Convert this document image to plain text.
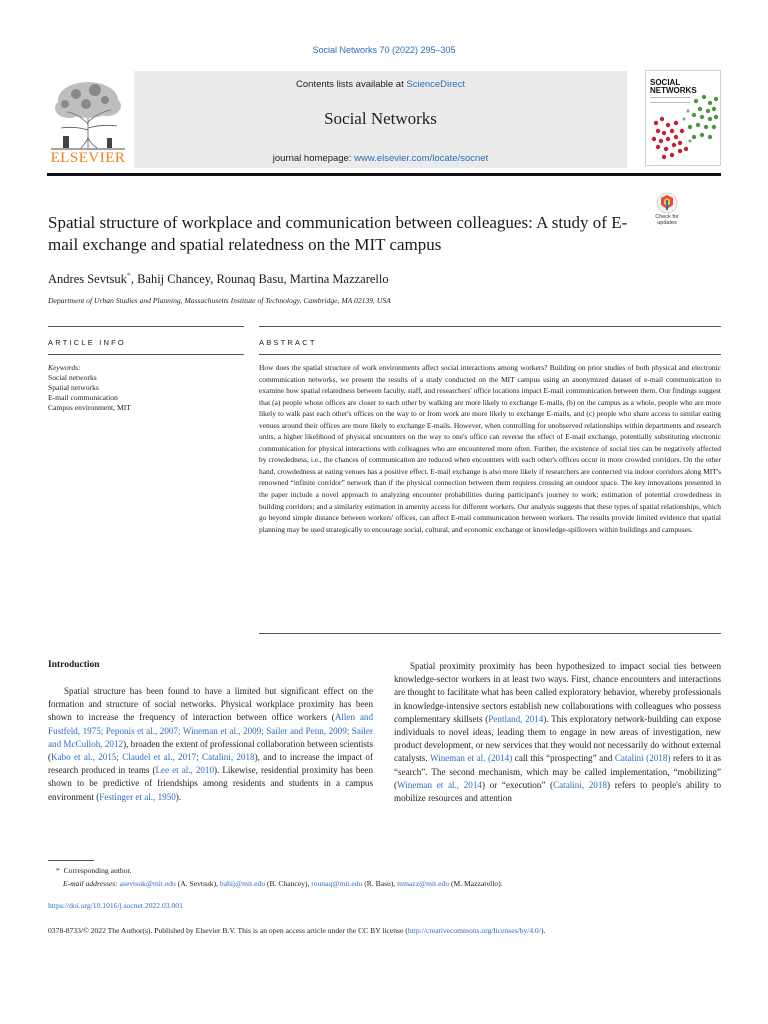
Social Networks 70 (2022) 295–305
ELSEVIER
Contents lists available at ScienceDirect
Social Networks
journal homepage: www.elsevier.com/locate/socnet
SOCIAL
NETWORKS
Spatial structure of workplace and communication between colleagues: A study of E-mail exchange and spatial relatedness on the MIT campus
Check for
updates
Andres Sevtsuk*, Bahij Chancey, Rounaq Basu, Martina Mazzarello
Department of Urban Studies and Planning, Massachusetts Institute of Technology, Cambridge, MA 02139, USA
ARTICLE INFO	ABSTRACT
Keywords:
Social networks
Spatial networks
E-mail communication
Campus environment, MIT
How does the spatial structure of work environments affect social interactions among workers? Building on prior studies of both physical and electronic communication networks, we present the results of a study conducted on the MIT campus using an anonymized dataset of e-mail communication to examine how spatial relatedness between faculty, staff, and researchers' office locations impact E-mail communication between them. Our findings suggest that (a) people whose offices are closer to each other by walking are more likely to exchange E-mails, (b) on the campus as a whole, people who are more likely to walk past each other's offices on the way to or from work are more likely to exchange E-mails, and (c) people who share access to similar eating venues around their offices are more likely to exchange E-mails. However, when controlling for unobserved relationships within departments and research units, a higher likelihood of physical encounters on the way to one's office can reverse the effect of E-mail exchange, potentially substituting electronic communication for physical interactions with colleagues who are encountered more often. Further, the existence of social ties can be negatively affected by crowdedness, i.e., the chances of communication are reduced when encounters with each other's offices occur in more crowded corridors. On the other hand, crowdedness at eating venues has a positive effect. E-mail exchange is also more likely if researchers are connected via indoor corridors along MIT's renowned “infinite corridor” network than if the physical connection between them requires crossing an outdoor space. The key innovations presented in the paper include a novel approach to analyzing encounter probabilities during participant's journey to work; estimation of potential crowdedness in building corridors; and a similarity estimation in amenity access for different workers. Our analysis suggests that these types of spatial relationships, which go beyond simple distance between workers' offices, can affect E-mail communication between workers. The results provide limited evidence that spatial planning may be used strategically to encourage social, cultural, and economic exchange or knowledge-spillovers within buildings and campuses.
Introduction
Spatial structure has been found to have a limited but significant effect on the formation and structure of social networks. Physical workplace proximity has been shown to increase the frequency of interaction between office workers (Allen and Fustfeld, 1975; Peponis et al., 2007; Wineman et al., 2009; Sailer and Penn, 2009; Sailer and McCulloh, 2012), broaden the extent of professional collaboration between scientists (Kabo et al., 2015; Claudel et al., 2017; Catalini, 2018), and to increase the impact of research produced in teams (Lee et al., 2010). Likewise, residential proximity has been shown to be predictive of friendships among residents and students in a campus environment (Festinger et al., 1950).
Spatial proximity proximity has been hypothesized to impact social ties between knowledge-sector workers in at least two ways. First, chance encounters and interactions are thought to facilitate what has been called exploratory behavior, whereby professionals in knowledge-intensive sectors establish new collaborations with colleagues who possess complementary skillsets (Pentland, 2014). This exploratory network-building can expose individuals to novel ideas, leading them to engage in new areas of investigation, new product development, or new services that they would not necessarily do without external catalysts. Wineman et al. (2014) call this “prospecting” and Catalini (2018) refers to it as “search”. The second mechanism, which may be called implementation, “mobilizing” (Wineman et al., 2014) or “execution” (Catalini, 2018) refers to people's ability to mobilize resources and attention
* Corresponding author.
E-mail addresses: asevtsuk@mit.edu (A. Sevtsuk), bahij@mit.edu (B. Chancey), rounaq@mit.edu (R. Basu), mmazz@mit.edu (M. Mazzarello).
https://doi.org/10.1016/j.socnet.2022.03.001
0378-8733/© 2022 The Author(s). Published by Elsevier B.V. This is an open access article under the CC BY license (http://creativecommons.org/licenses/by/4.0/).
